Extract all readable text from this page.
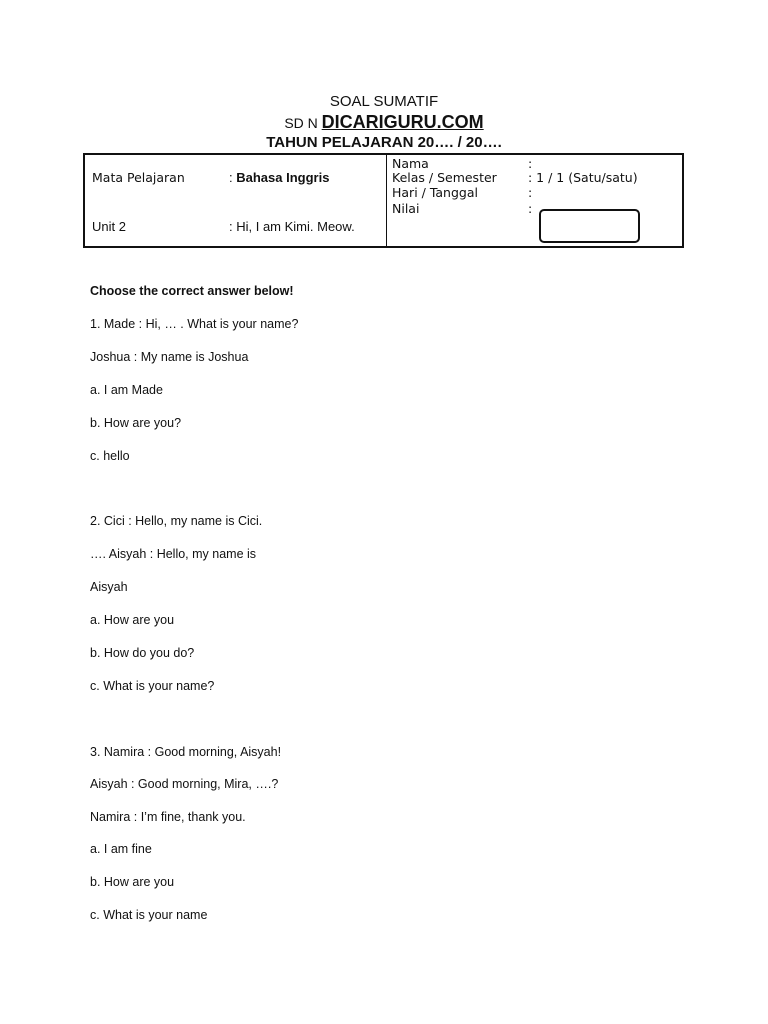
SOAL SUMATIF
SD N DICARIGURU.COM
TAHUN PELAJARAN 20…. / 20….
Mata Pelajaran	: Bahasa Inggris
Unit 2	: Hi, I am Kimi. Meow.
Nama	:
Kelas / Semester : 1 / 1 (Satu/satu)
Hari / Tanggal	:
Nilai	:
Choose the correct answer below!
1. Made : Hi, … . What is your name?
Joshua : My name is Joshua
a. I am Made
b. How are you?
c. hello
2. Cici : Hello, my name is Cici.
…. Aisyah : Hello, my name is
Aisyah
a. How are you
b. How do you do?
c. What is your name?
3. Namira : Good morning, Aisyah!
Aisyah : Good morning, Mira, ….?
Namira : I’m fine, thank you.
a. I am fine
b. How are you
c. What is your name
